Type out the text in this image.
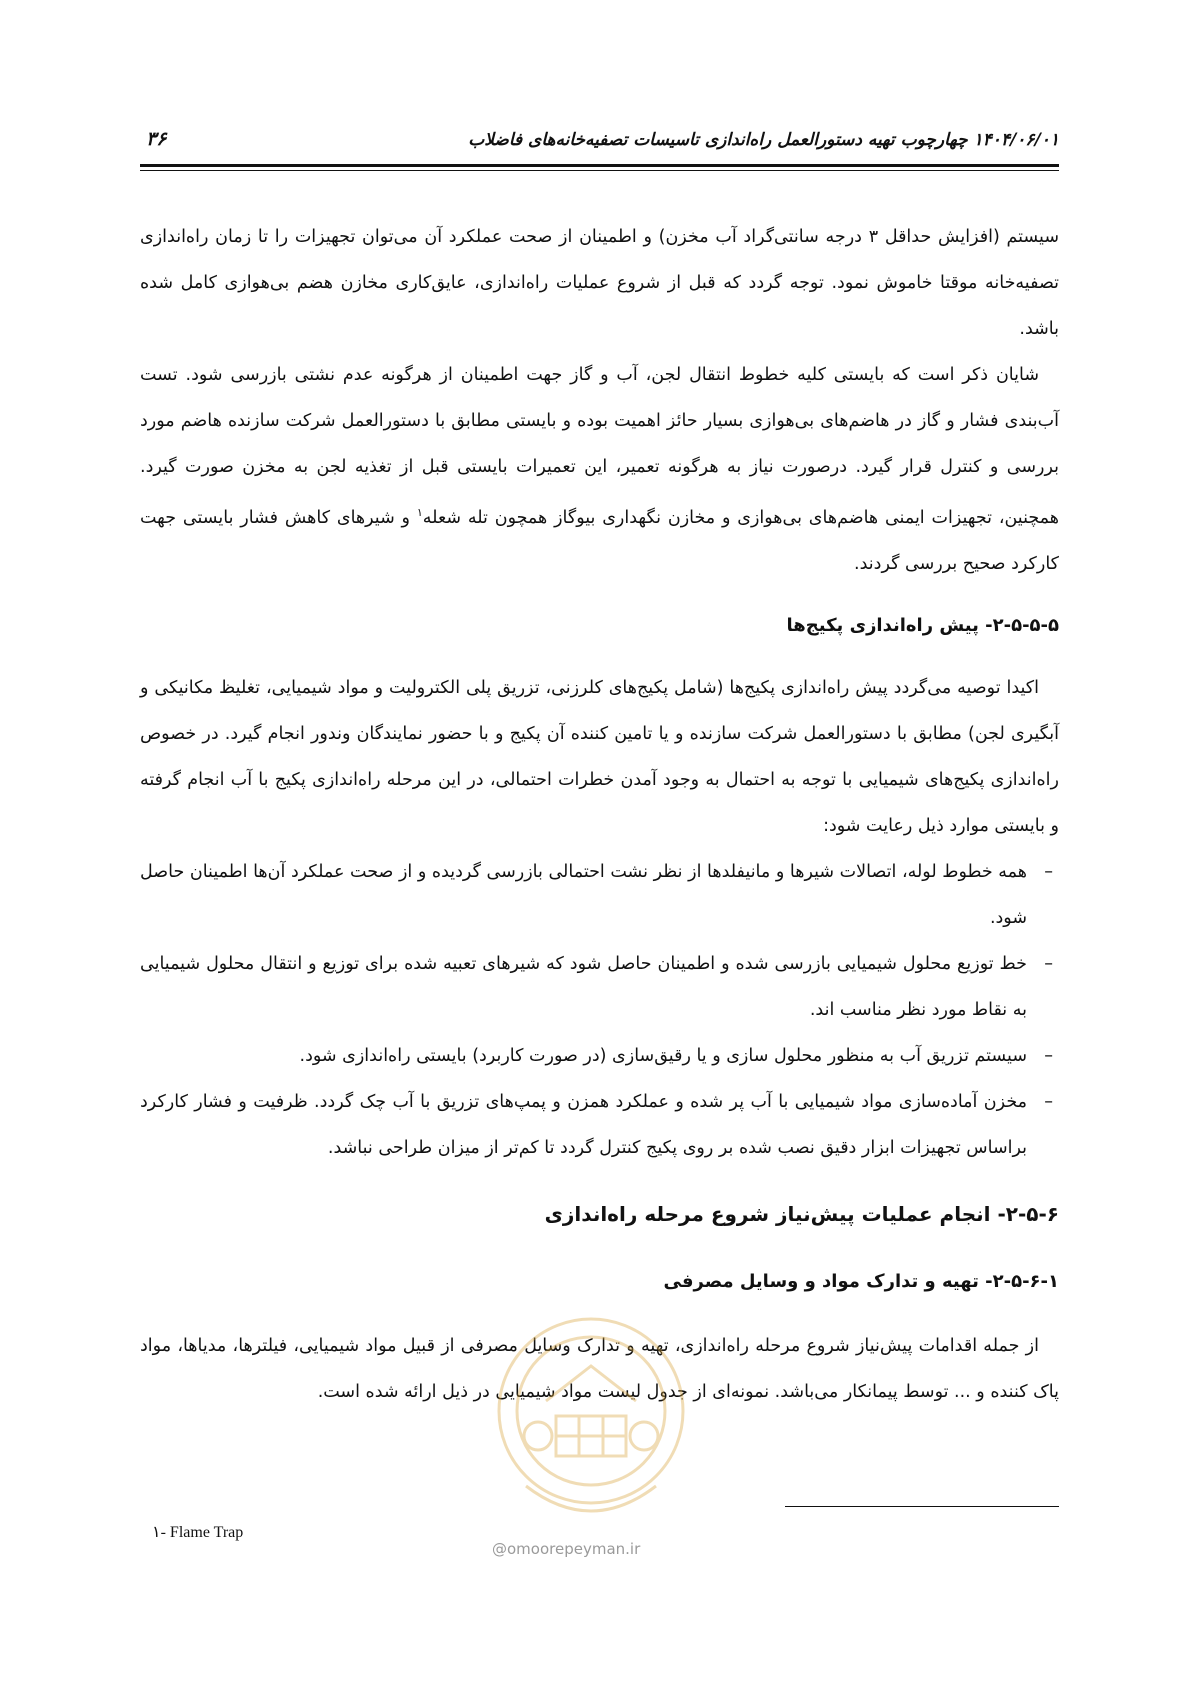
۳۶	۱۴۰۴/۰۶/۰۱ چهارچوب تهیه دستورالعمل راه‌اندازی تاسیسات تصفیه‌خانه‌های فاضلاب

سیستم (افزایش حداقل ۳ درجه سانتی‌گراد آب مخزن) و اطمینان از صحت عملکرد آن می‌توان تجهیزات را تا زمان راه‌اندازی تصفیه‌خانه موقتا خاموش نمود. توجه گردد که قبل از شروع عملیات راه‌اندازی، عایق‌کاری مخازن هضم بی‌هوازی کامل شده باشد.

شایان ذکر است که بایستی کلیه خطوط انتقال لجن، آب و گاز جهت اطمینان از هرگونه عدم نشتی بازرسی شود. تست آب‌بندی فشار و گاز در هاضم‌های بی‌هوازی بسیار حائز اهمیت بوده و بایستی مطابق با دستورالعمل شرکت سازنده هاضم مورد بررسی و کنترل قرار گیرد. درصورت نیاز به هرگونه تعمیر، این تعمیرات بایستی قبل از تغذیه لجن به مخزن صورت گیرد. همچنین، تجهیزات ایمنی هاضم‌های بی‌هوازی و مخازن نگهداری بیوگاز همچون تله شعله$^۱$ و شیرهای کاهش فشار بایستی جهت کارکرد صحیح بررسی گردند.

۲-۵-۵-۵- پیش راه‌اندازی پکیج‌ها

اکیدا توصیه می‌گردد پیش راه‌اندازی پکیج‌ها (شامل پکیج‌های کلرزنی، تزریق پلی الکترولیت و مواد شیمیایی، تغلیظ مکانیکی و آبگیری لجن) مطابق با دستورالعمل شرکت سازنده و یا تامین کننده آن پکیج و با حضور نمایندگان وندور انجام گیرد. در خصوص راه‌اندازی پکیج‌های شیمیایی با توجه به احتمال به وجود آمدن خطرات احتمالی، در این مرحله راه‌اندازی پکیج با آب انجام گرفته و بایستی موارد ذیل رعایت شود:

–
همه خطوط لوله، اتصالات شیرها و مانیفلدها از نظر نشت احتمالی بازرسی گردیده و از صحت عملکرد آن‌ها اطمینان حاصل شود.
–
خط توزیع محلول شیمیایی بازرسی شده و اطمینان حاصل شود که شیرهای تعبیه شده برای توزیع و انتقال محلول شیمیایی به نقاط مورد نظر مناسب اند.
–
سیستم تزریق آب به منظور محلول سازی و یا رقیق‌سازی (در صورت کاربرد) بایستی راه‌اندازی شود.
–
مخزن آماده‌سازی مواد شیمیایی با آب پر شده و عملکرد همزن و پمپ‌های تزریق با آب چک گردد. ظرفیت و فشار کارکرد براساس تجهیزات ابزار دقیق نصب شده بر روی پکیج کنترل گردد تا کم‌تر از میزان طراحی نباشد.
۲-۵-۶- انجام عملیات پیش‌نیاز شروع مرحله راه‌اندازی
۲-۵-۶-۱- تهیه و تدارک مواد و وسایل مصرفی

از جمله اقدامات پیش‌نیاز شروع مرحله راه‌اندازی، تهیه و تدارک وسایل مصرفی از قبیل مواد شیمیایی، فیلترها، مدیاها، مواد پاک کننده و ... توسط پیمانکار می‌باشد. نمونه‌ای از جدول لیست مواد شیمیایی در ذیل ارائه شده است.

@omoorepeyman.ir
۱- Flame Trap
